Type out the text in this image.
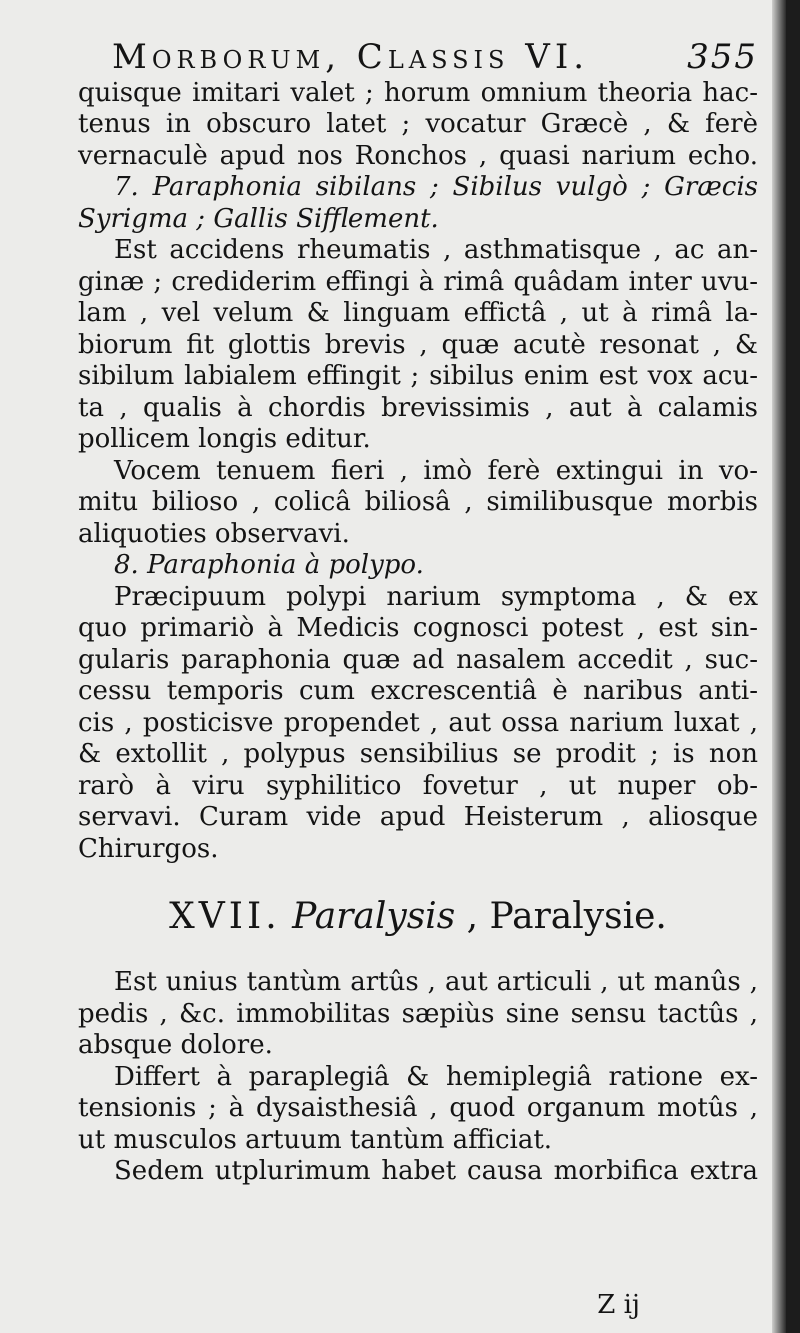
Morborum, Classis VI.	355
quisque imitari valet ; horum omnium theoria hac-
tenus in obscuro latet ; vocatur Græcè , & ferè
vernaculè apud nos Ronchos , quasi narium echo.
7. Paraphonia sibilans ; Sibilus vulgò ; Græcis
Syrigma ; Gallis Sifflement.
Est accidens rheumatis , asthmatisque , ac an-
ginæ ; crediderim effingi à rimâ quâdam inter uvu-
lam , vel velum & linguam effictâ , ut à rimâ la-
biorum fit glottis brevis , quæ acutè resonat , &
sibilum labialem effingit ; sibilus enim est vox acu-
ta , qualis à chordis brevissimis , aut à calamis
pollicem longis editur.
Vocem tenuem fieri , imò ferè extingui in vo-
mitu bilioso , colicâ biliosâ , similibusque morbis
aliquoties observavi.
8. Paraphonia à polypo.
Præcipuum polypi narium symptoma , & ex
quo primariò à Medicis cognosci potest , est sin-
gularis paraphonia quæ ad nasalem accedit , suc-
cessu temporis cum excrescentiâ è naribus anti-
cis , posticisve propendet , aut ossa narium luxat ,
& extollit , polypus sensibilius se prodit ; is non
rarò à viru syphilitico fovetur , ut nuper ob-
servavi. Curam vide apud Heisterum , aliosque
Chirurgos.
XVII. Paralysis , Paralysie.
Est unius tantùm artûs , aut articuli , ut manûs ,
pedis , &c. immobilitas sæpiùs sine sensu tactûs ,
absque dolore.
Differt à paraplegiâ & hemiplegiâ ratione ex-
tensionis ; à dysaisthesiâ , quod organum motûs ,
ut musculos artuum tantùm afficiat.
Sedem utplurimum habet causa morbifica extra
Z ij
